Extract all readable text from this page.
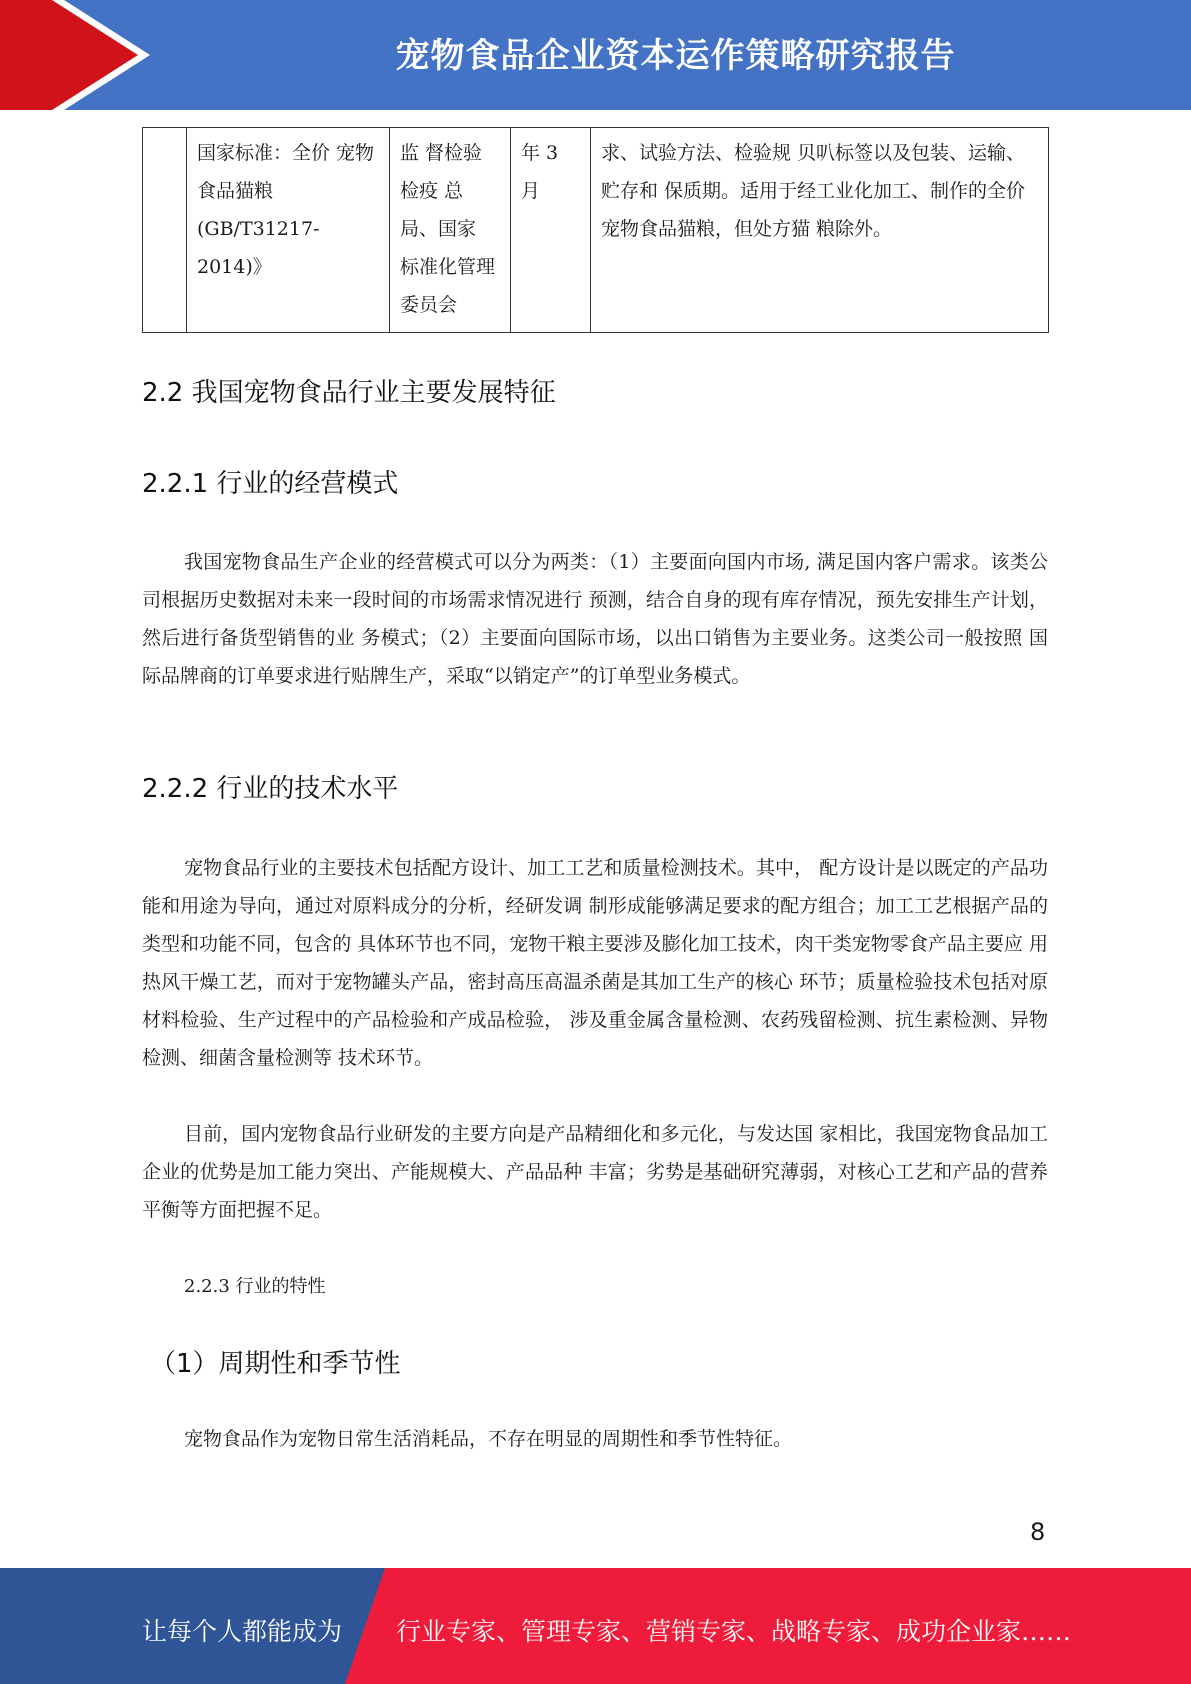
宠物食品企业资本运作策略研究报告
	国家标准：全价 宠物食品猫粮(GB/T31217-2014)》	监 督检验检疫 总局、国家 标准化管理 委员会	年 3 月	求、试验方法、检验规 贝叭标签以及包装、运输、贮存和 保质期。适用于经工业化加工、制作的全价宠物食品猫粮，但处方猫 粮除外。
2.2 我国宠物食品行业主要发展特征
2.2.1 行业的经营模式

我国宠物食品生产企业的经营模式可以分为两类：（1）主要面向国内市场, 满足国内客户需求。该类公司根据历史数据对未来一段时间的市场需求情况进行 预测，结合自身的现有库存情况，预先安排生产计划，然后进行备货型销售的业 务模式；（2）主要面向国际市场，以出口销售为主要业务。这类公司一般按照 国际品牌商的订单要求进行贴牌生产，采取“以销定产”的订单型业务模式。

2.2.2 行业的技术水平

宠物食品行业的主要技术包括配方设计、加工工艺和质量检测技术。其中， 配方设计是以既定的产品功能和用途为导向，通过对原料成分的分析，经研发调 制形成能够满足要求的配方组合；加工工艺根据产品的类型和功能不同，包含的 具体环节也不同，宠物干粮主要涉及膨化加工技术，肉干类宠物零食产品主要应 用热风干燥工艺，而对于宠物罐头产品，密封高压高温杀菌是其加工生产的核心 环节；质量检验技术包括对原材料检验、生产过程中的产品检验和产成品检验， 涉及重金属含量检测、农药残留检测、抗生素检测、异物检测、细菌含量检测等 技术环节。

目前，国内宠物食品行业研发的主要方向是产品精细化和多元化，与发达国 家相比，我国宠物食品加工企业的优势是加工能力突出、产能规模大、产品品种 丰富；劣势是基础研究薄弱，对核心工艺和产品的营养平衡等方面把握不足。

2.2.3 行业的特性

（1）周期性和季节性

宠物食品作为宠物日常生活消耗品，不存在明显的周期性和季节性特征。

8
让每个人都能成为 行业专家、管理专家、营销专家、战略专家、成功企业家……
